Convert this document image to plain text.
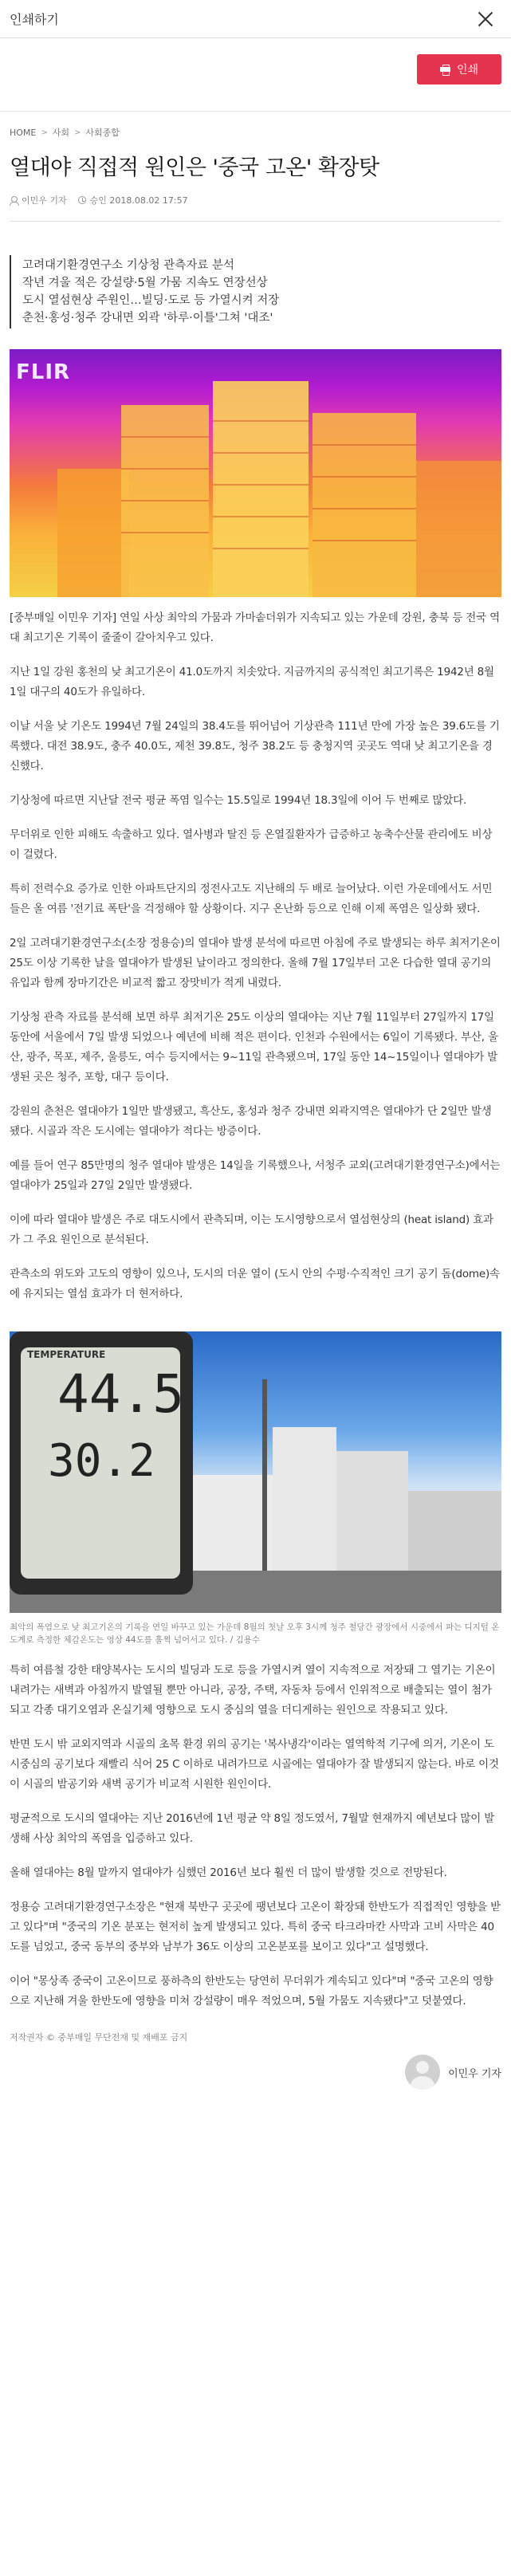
인쇄하기
인쇄
HOME > 사회 > 사회종합
열대야 직접적 원인은 '중국 고온' 확장탓
이민우 기자	승인 2018.08.02 17:57
고려대기환경연구소 기상청 관측자료 분석
작년 겨울 적은 강설량·5월 가뭄 지속도 연장선상
도시 열섬현상 주원인…빌딩·도로 등 가열시켜 저장
춘천·홍성·청주 강내면 외곽 '하루·이틀'그쳐 '대조'
FLIR

[중부매일 이민우 기자] 연일 사상 최악의 가뭄과 가마솥더위가 지속되고 있는 가운데 강원, 충북 등 전국 역대 최고기온 기록이 줄줄이 갈아치우고 있다.

지난 1일 강원 홍천의 낮 최고기온이 41.0도까지 치솟았다. 지금까지의 공식적인 최고기록은 1942년 8월 1일 대구의 40도가 유일하다.

이날 서울 낮 기온도 1994년 7월 24일의 38.4도를 뛰어넘어 기상관측 111년 만에 가장 높은 39.6도를 기록했다. 대전 38.9도, 충주 40.0도, 제천 39.8도, 청주 38.2도 등 충청지역 곳곳도 역대 낮 최고기온을 경신했다.

기상청에 따르면 지난달 전국 평균 폭염 일수는 15.5일로 1994년 18.3일에 이어 두 번째로 많았다.

무더위로 인한 피해도 속출하고 있다. 열사병과 탈진 등 온열질환자가 급증하고 농축수산물 관리에도 비상이 걸렸다.

특히 전력수요 증가로 인한 아파트단지의 정전사고도 지난해의 두 배로 늘어났다. 이런 가운데에서도 서민들은 올 여름 '전기료 폭탄'을 걱정해야 할 상황이다. 지구 온난화 등으로 인해 이제 폭염은 일상화 됐다.

2일 고려대기환경연구소(소장 정용승)의 열대야 발생 분석에 따르면 아침에 주로 발생되는 하루 최저기온이 25도 이상 기록한 날을 열대야가 발생된 날이라고 정의한다. 올해 7월 17일부터 고온 다습한 열대 공기의 유입과 함께 장마기간은 비교적 짧고 장맛비가 적게 내렸다.

기상청 관측 자료를 분석해 보면 하루 최저기온 25도 이상의 열대야는 지난 7월 11일부터 27일까지 17일 동안에 서울에서 7일 발생 되었으나 예년에 비해 적은 편이다. 인천과 수원에서는 6일이 기록됐다. 부산, 울산, 광주, 목포, 제주, 울릉도, 여수 등지에서는 9~11일 관측됐으며, 17일 동안 14~15일이나 열대야가 발생된 곳은 청주, 포항, 대구 등이다.

강원의 춘천은 열대야가 1일만 발생됐고, 흑산도, 홍성과 청주 강내면 외곽지역은 열대야가 단 2일만 발생됐다. 시골과 작은 도시에는 열대야가 적다는 방증이다.

예를 들어 연구 85만명의 청주 열대야 발생은 14일을 기록했으나, 서청주 교외(고려대기환경연구소)에서는 열대야가 25일과 27일 2일만 발생됐다.

이에 따라 열대야 발생은 주로 대도시에서 관측되며, 이는 도시영향으로서 열섬현상의 (heat island) 효과가 그 주요 원인으로 분석된다.

관측소의 위도와 고도의 영향이 있으나, 도시의 더운 열이 (도시 안의 수평·수직적인 크기 공기 돔(dome)속에 유지되는 열섬 효과가 더 현저하다.

TEMPERATURE
44.5
30.2

최악의 폭염으로 낮 최고기온의 기록을 연일 바꾸고 있는 가운데 8월의 첫날 오후 3시께 청주 철당간 광장에서 시중에서 파는 디지털 온도계로 측정한 체감온도는 영상 44도를 훌쩍 넘어서고 있다. / 김용수

특히 여름철 강한 태양복사는 도시의 빌딩과 도로 등을 가열시켜 열이 지속적으로 저장돼 그 열기는 기온이 내려가는 새벽과 아침까지 발열될 뿐만 아니라, 공장, 주택, 자동차 등에서 인위적으로 배출되는 열이 첨가되고 각종 대기오염과 온실기체 영향으로 도시 중심의 열을 더디게하는 원인으로 작용되고 있다.

반면 도시 밖 교외지역과 시골의 초목 환경 위의 공기는 '복사냉각'이라는 열역학적 기구에 의거, 기온이 도시중심의 공기보다 재빨리 식어 25 C 이하로 내려가므로 시골에는 열대야가 잘 발생되지 않는다. 바로 이것이 시골의 밤공기와 새벽 공기가 비교적 시원한 원인이다.

평균적으로 도시의 열대야는 지난 2016년에 1년 평균 약 8일 정도였서, 7월말 현재까지 예년보다 많이 발생해 사상 최악의 폭염을 입증하고 있다.

올해 열대야는 8월 말까지 열대야가 심했던 2016년 보다 훨씬 더 많이 발생할 것으로 전망된다.

정용승 고려대기환경연구소장은 "현재 북반구 곳곳에 팽년보다 고온이 확장돼 한반도가 직접적인 영향을 받고 있다"며 "중국의 기온 분포는 현저히 높게 발생되고 있다. 특히 중국 타크라마칸 사막과 고비 사막은 40도를 넘었고, 중국 동부의 중부와 남부가 36도 이상의 고온분포를 보이고 있다"고 설명했다.

이어 "몽상족 중국이 고온이므로 풍하측의 한반도는 당연히 무더위가 계속되고 있다"며 "중국 고온의 영향으로 지난해 겨울 한반도에 영향을 미쳐 강설량이 매우 적었으며, 5월 가뭄도 지속됐다"고 덧붙였다.

저작권자 © 중부매일 무단전재 및 재배포 금지

이민우 기자
